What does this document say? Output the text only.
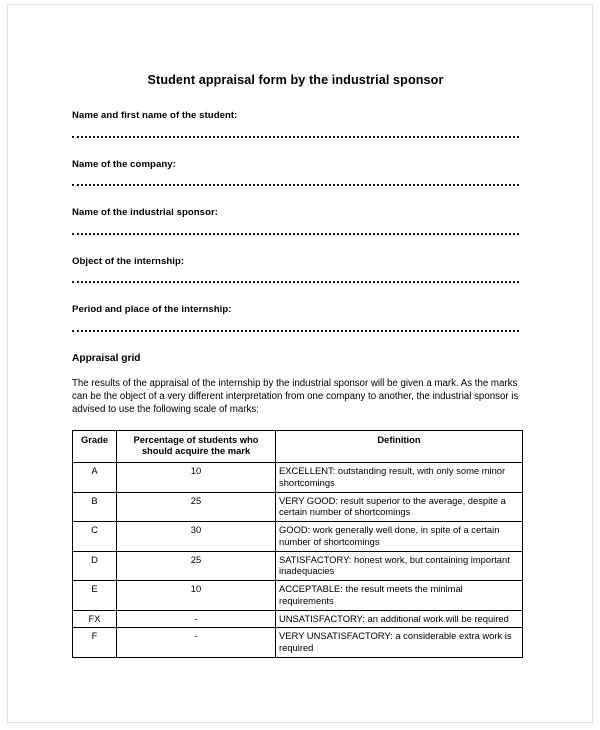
Student appraisal form by the industrial sponsor
Name and first name of the student:
Name of the company:
Name of the industrial sponsor:
Object of the internship:
Period and place of the internship:
Appraisal grid

The results of the appraisal of the internship by the industrial sponsor will be given a mark. As the marks can be the object of a very different interpretation from one company to another, the industrial sponsor is advised to use the following scale of marks:

Grade	Percentage of students who should acquire the mark	Definition
A	10	EXCELLENT: outstanding result, with only some minor shortcomings
B	25	VERY GOOD: result superior to the average, despite a certain number of shortcomings
C	30	GOOD: work generally well done, in spite of a certain number of shortcomings
D	25	SATISFACTORY: honest work, but containing important inadequacies
E	10	ACCEPTABLE: the result meets the minimal requirements
FX	-	UNSATISFACTORY: an additional work will be required
F	-	VERY UNSATISFACTORY: a considerable extra work is required
